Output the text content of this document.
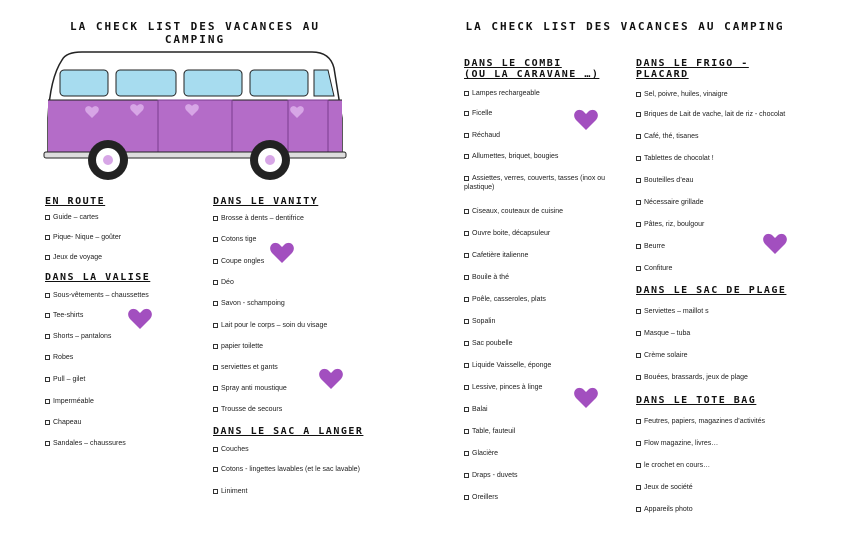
LA CHECK LIST DES VACANCES AU CAMPING
EN ROUTE
Guide – cartes
Pique- Nique – goûter
Jeux de voyage
DANS LA VALISE
Sous-vêtements – chaussettes
Tee-shirts
Shorts – pantalons
Robes
Pull – gilet
Imperméable
Chapeau
Sandales – chaussures
DANS LE VANITY
Brosse à dents – dentifrice
Cotons tige
Coupe ongles
Déo
Savon - schampoing
Lait pour le corps – soin du visage
papier toilette
serviettes et gants
Spray anti moustique
Trousse de secours
DANS LE SAC A LANGER
Couches
Cotons - lingettes lavables (et le sac lavable)
Liniment
LA CHECK LIST DES VACANCES AU CAMPING
DANS LE COMBI
(OU LA CARAVANE …)
Lampes rechargeable
Ficelle
Réchaud
Allumettes, briquet, bougies
Assiettes, verres, couverts, tasses (inox ou plastique)
Ciseaux, couteaux de cuisine
Ouvre boite, décapsuleur
Cafetière italienne
Bouile à thé
Poêle, casseroles, plats
Sopalin
Sac poubelle
Liquide Vaisselle, éponge
Lessive, pinces à linge
Balai
Table, fauteuil
Glacière
Draps - duvets
Oreillers
DANS LE FRIGO -
PLACARD
Sel, poivre, huiles, vinaigre
Briques de Lait de vache, lait de riz - chocolat
Café, thé, tisanes
Tablettes de chocolat !
Bouteilles d’eau
Nécessaire grillade
Pâtes, riz, boulgour
Beurre
Confiture
DANS LE SAC DE PLAGE
Serviettes – maillot s
Masque – tuba
Crème solaire
Bouées, brassards, jeux de plage
DANS LE TOTE BAG
Feutres, papiers, magazines d’activités
Flow magazine, livres…
le crochet en cours…
Jeux de société
Appareils photo
